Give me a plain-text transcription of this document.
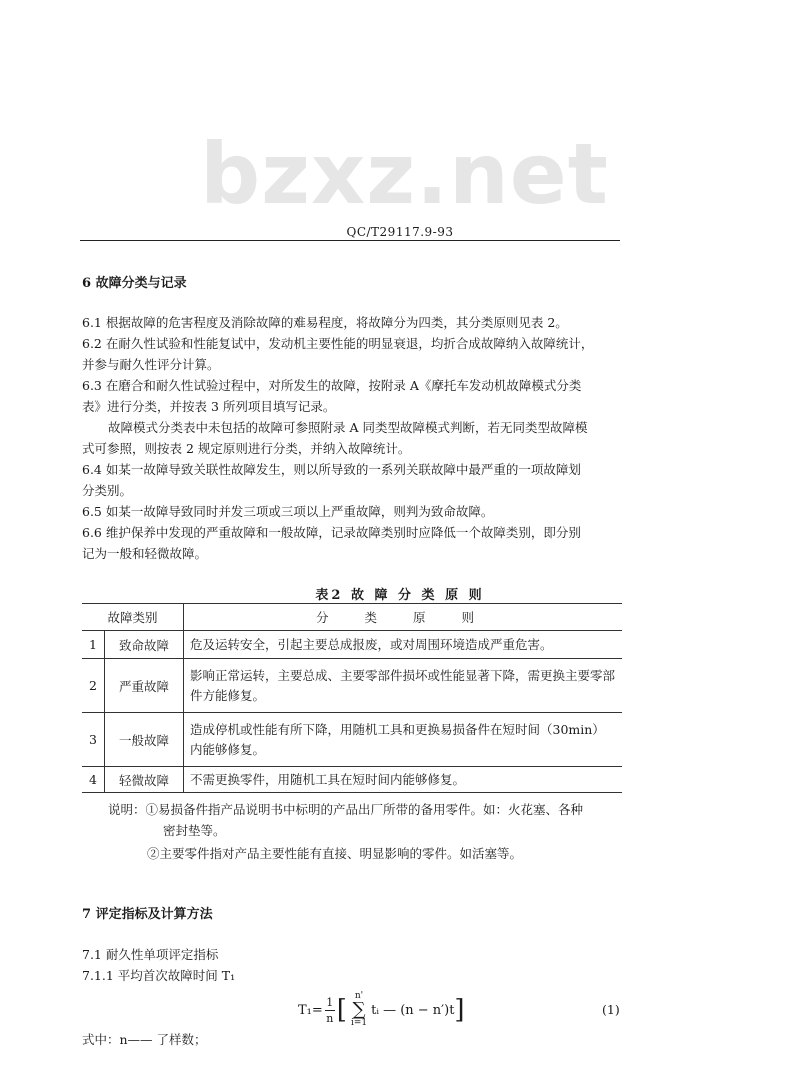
bzxz.net
QC/T29117.9-93
6 故障分类与记录
6.1 根据故障的危害程度及消除故障的难易程度，将故障分为四类，其分类原则见表 2。
6.2 在耐久性试验和性能复试中，发动机主要性能的明显衰退，均折合成故障纳入故障统计，
并参与耐久性评分计算。
6.3 在磨合和耐久性试验过程中，对所发生的故障，按附录 A《摩托车发动机故障模式分类
表》进行分类，并按表 3 所列项目填写记录。
故障模式分类表中未包括的故障可参照附录 A 同类型故障模式判断，若无同类型故障模
式可参照，则按表 2 规定原则进行分类，并纳入故障统计。
6.4 如某一故障导致关联性故障发生，则以所导致的一系列关联故障中最严重的一项故障划
分类别。
6.5 如某一故障导致同时并发三项或三项以上严重故障，则判为致命故障。
6.6 维护保养中发现的严重故障和一般故障，记录故障类别时应降低一个故障类别，即分别
记为一般和轻微故障。
表2 故 障 分 类 原 则
故障类别		分 类 原 则
1	致命故障	危及运转安全，引起主要总成报废，或对周围环境造成严重危害。
2	严重故障	影响正常运转，主要总成、主要零部件损坏或性能显著下降，需更换主要零部件方能修复。
3	一般故障	造成停机或性能有所下降，用随机工具和更换易损备件在短时间（30min）内能够修复。
4	轻微故障	不需更换零件，用随机工具在短时间内能够修复。
说明：①易损备件指产品说明书中标明的产品出厂所带的备用零件。如：火花塞、各种
密封垫等。
②主要零件指对产品主要性能有直接、明显影响的零件。如活塞等。
7 评定指标及计算方法
7.1 耐久性单项评定指标
7.1.1 平均首次故障时间 T₁
$T_1= \frac{1}{n}$ [ n'
∑
i=1
tᵢ — (n − n′)t ]	(1)
式中：n—— 了样数；
